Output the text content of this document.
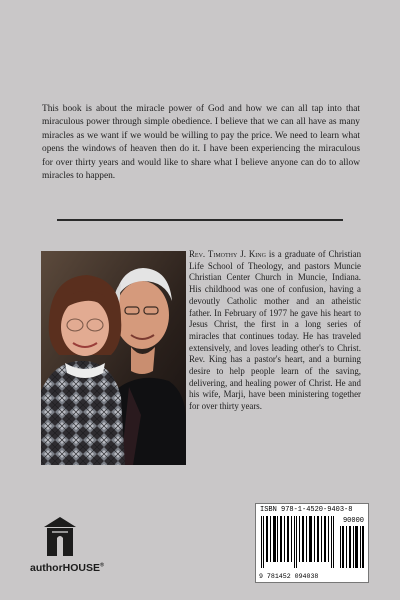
This book is about the miracle power of God and how we can all tap into that miraculous power through simple obedience. I believe that we can all have as many miracles as we want if we would be willing to pay the price. We need to learn what opens the windows of heaven then do it. I have been experiencing the miraculous for over thirty years and would like to share what I believe anyone can do to allow miracles to happen.

Rev. Timothy J. King is a graduate of Christian Life School of Theology, and pastors Muncie Christian Center Church in Muncie, Indiana. His childhood was one of confusion, having a devoutly Catholic mother and an atheistic father. In February of 1977 he gave his heart to Jesus Christ, the first in a long series of miracles that continues today. He has traveled extensively, and loves leading other's to Christ. Rev. King has a pastor's heart, and a burning desire to help people learn of the saving, delivering, and healing power of Christ. He and his wife, Marji, have been ministering together for over thirty years.

authorHOUSE®
ISBN 978-1-4520-9403-8
90000
9 781452 094038
